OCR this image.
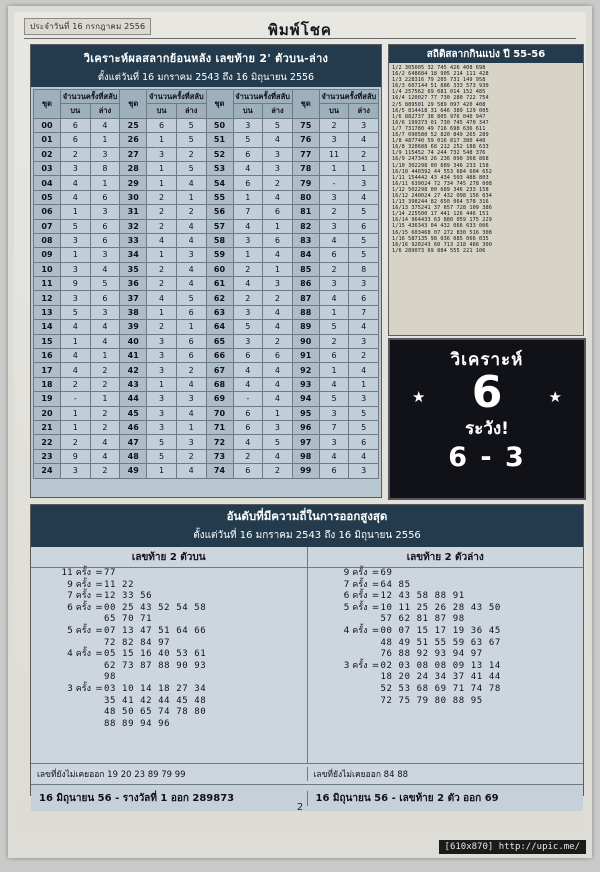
พิมพ์โชค
ประจำวันที่ 16 กรกฎาคม 2556
วิเคราะห์ผลสลากย้อนหลัง เลขท้าย 2' ตัวบน-ล่าง
ตั้งแต่วันที่ 16 มกราคม 2543 ถึง 16 มิถุนายน 2556
ชุด	จำนวนครั้งที่สลับ		ชุด	จำนวนครั้งที่สลับ		ชุด	จำนวนครั้งที่สลับ		ชุด	จำนวนครั้งที่สลับ	
	บน	ล่าง		บน	ล่าง		บน	ล่าง		บน	ล่าง
00	6	4	25	6	5	50	3	5	75	2	3
01	6	1	26	1	5	51	5	4	76	3	4
02	2	3	27	3	2	52	6	3	77	11	2
03	3	8	28	1	5	53	4	3	78	1	1
04	4	1	29	1	4	54	6	2	79	-	3
05	4	6	30	2	1	55	1	4	80	3	4
06	1	3	31	2	2	56	7	6	81	2	5
07	5	6	32	2	4	57	4	1	82	3	6
08	3	6	33	4	4	58	3	6	83	4	5
09	1	3	34	1	3	59	1	4	84	6	5
10	3	4	35	2	4	60	2	1	85	2	8
11	9	5	36	2	4	61	4	3	86	3	3
12	3	6	37	4	5	62	2	2	87	4	6
13	5	3	38	1	6	63	3	4	88	1	7
14	4	4	39	2	1	64	5	4	89	5	4
15	1	4	40	3	6	65	3	2	90	2	3
16	4	1	41	3	6	66	6	6	91	6	2
17	4	2	42	3	2	67	4	4	92	1	4
18	2	2	43	1	4	68	4	4	93	4	1
19	-	1	44	3	3	69	-	4	94	5	3
20	1	2	45	3	4	70	6	1	95	3	5
21	1	2	46	3	1	71	6	3	96	7	5
22	2	4	47	5	3	72	4	5	97	3	6
23	9	4	48	5	2	73	2	4	98	4	4
24	3	2	49	1	4	74	6	2	99	6	3
สถิติสลากกินแบ่ง ปี 55-56
1/2 305005 32 745 426 408 698
16/2 648684 18 905 214 111 428
1/3 228316 79 205 731 149 958
16/3 607144 51 886 333 573 930
1/4 257562 69 081 014 152 485
16/4 120027 77 730 280 722 754
2/5 889501 29 589 097 420 408
16/5 814418 31 646 389 129 005
1/6 882737 38 805 976 040 947
16/6 199373 01 730 745 470 347
1/7 731780 49 716 698 636 611
16/7 090580 52 820 849 265 289
1/8 487740 59 016 817 380 440
16/8 320688 68 212 252 188 633
1/9 115452 74 244 732 548 376
16/9 247343 26 236 090 368 868
1/10 302298 00 689 346 233 158
16/10 440392 44 553 684 604 652
1/11 154442 43 434 503 488 803
16/11 639024 72 734 745 278 008
1/12 502298 00 689 346 233 158
16/12 240024 27 432 098 156 034
1/13 398244 82 650 064 578 316
16/13 375241 37 657 728 109 386
1/14 225500 17 441 126 446 151
16/14 964433 63 880 059 175 229
1/15 436343 04 432 066 633 006
16/15 603468 07 272 830 516 308
1/16 587135 98 036 085 066 035
16/16 920243 60 713 218 466 300
1/6 289073 69 884 555 221 106
วิเคราะห์
★	★
6
ระวัง!
6 - 3
อันดับที่มีความถี่ในการออกสูงสุด
ตั้งแต่วันที่ 16 มกราคม 2543 ถึง 16 มิถุนายน 2556
เลขท้าย 2 ตัวบน
11 ครั้ง = 77
9 ครั้ง = 11 22
7 ครั้ง = 12 33 56
6 ครั้ง = 00 25 43 52 54 58
65 70 71
5 ครั้ง = 07 13 47 51 64 66
72 82 84 97
4 ครั้ง = 05 15 16 40 53 61
62 73 87 88 90 93
98
3 ครั้ง = 03 10 14 18 27 34
35 41 42 44 45 48
48 50 65 74 78 80
88 89 94 96
เลขท้าย 2 ตัวล่าง
9 ครั้ง = 69
7 ครั้ง = 64 85
6 ครั้ง = 12 43 58 88 91
5 ครั้ง = 10 11 25 26 28 43 50
57 62 81 87 98
4 ครั้ง = 00 07 15 17 19 36 45
48 49 51 55 59 63 67
76 88 92 93 94 97
3 ครั้ง = 02 03 08 08 09 13 14
18 20 24 34 37 41 44
52 53 68 69 71 74 78
72 75 79 80 88 95
เลขที่ยังไม่เคยออก 19 20 23 89 79 99	เลขที่ยังไม่เคยออก 84 88
16 มิถุนายน 56 - รางวัลที่ 1 ออก 289873	16 มิถุนายน 56 - เลขท้าย 2 ตัว ออก 69
2
[610x870] http://upic.me/
